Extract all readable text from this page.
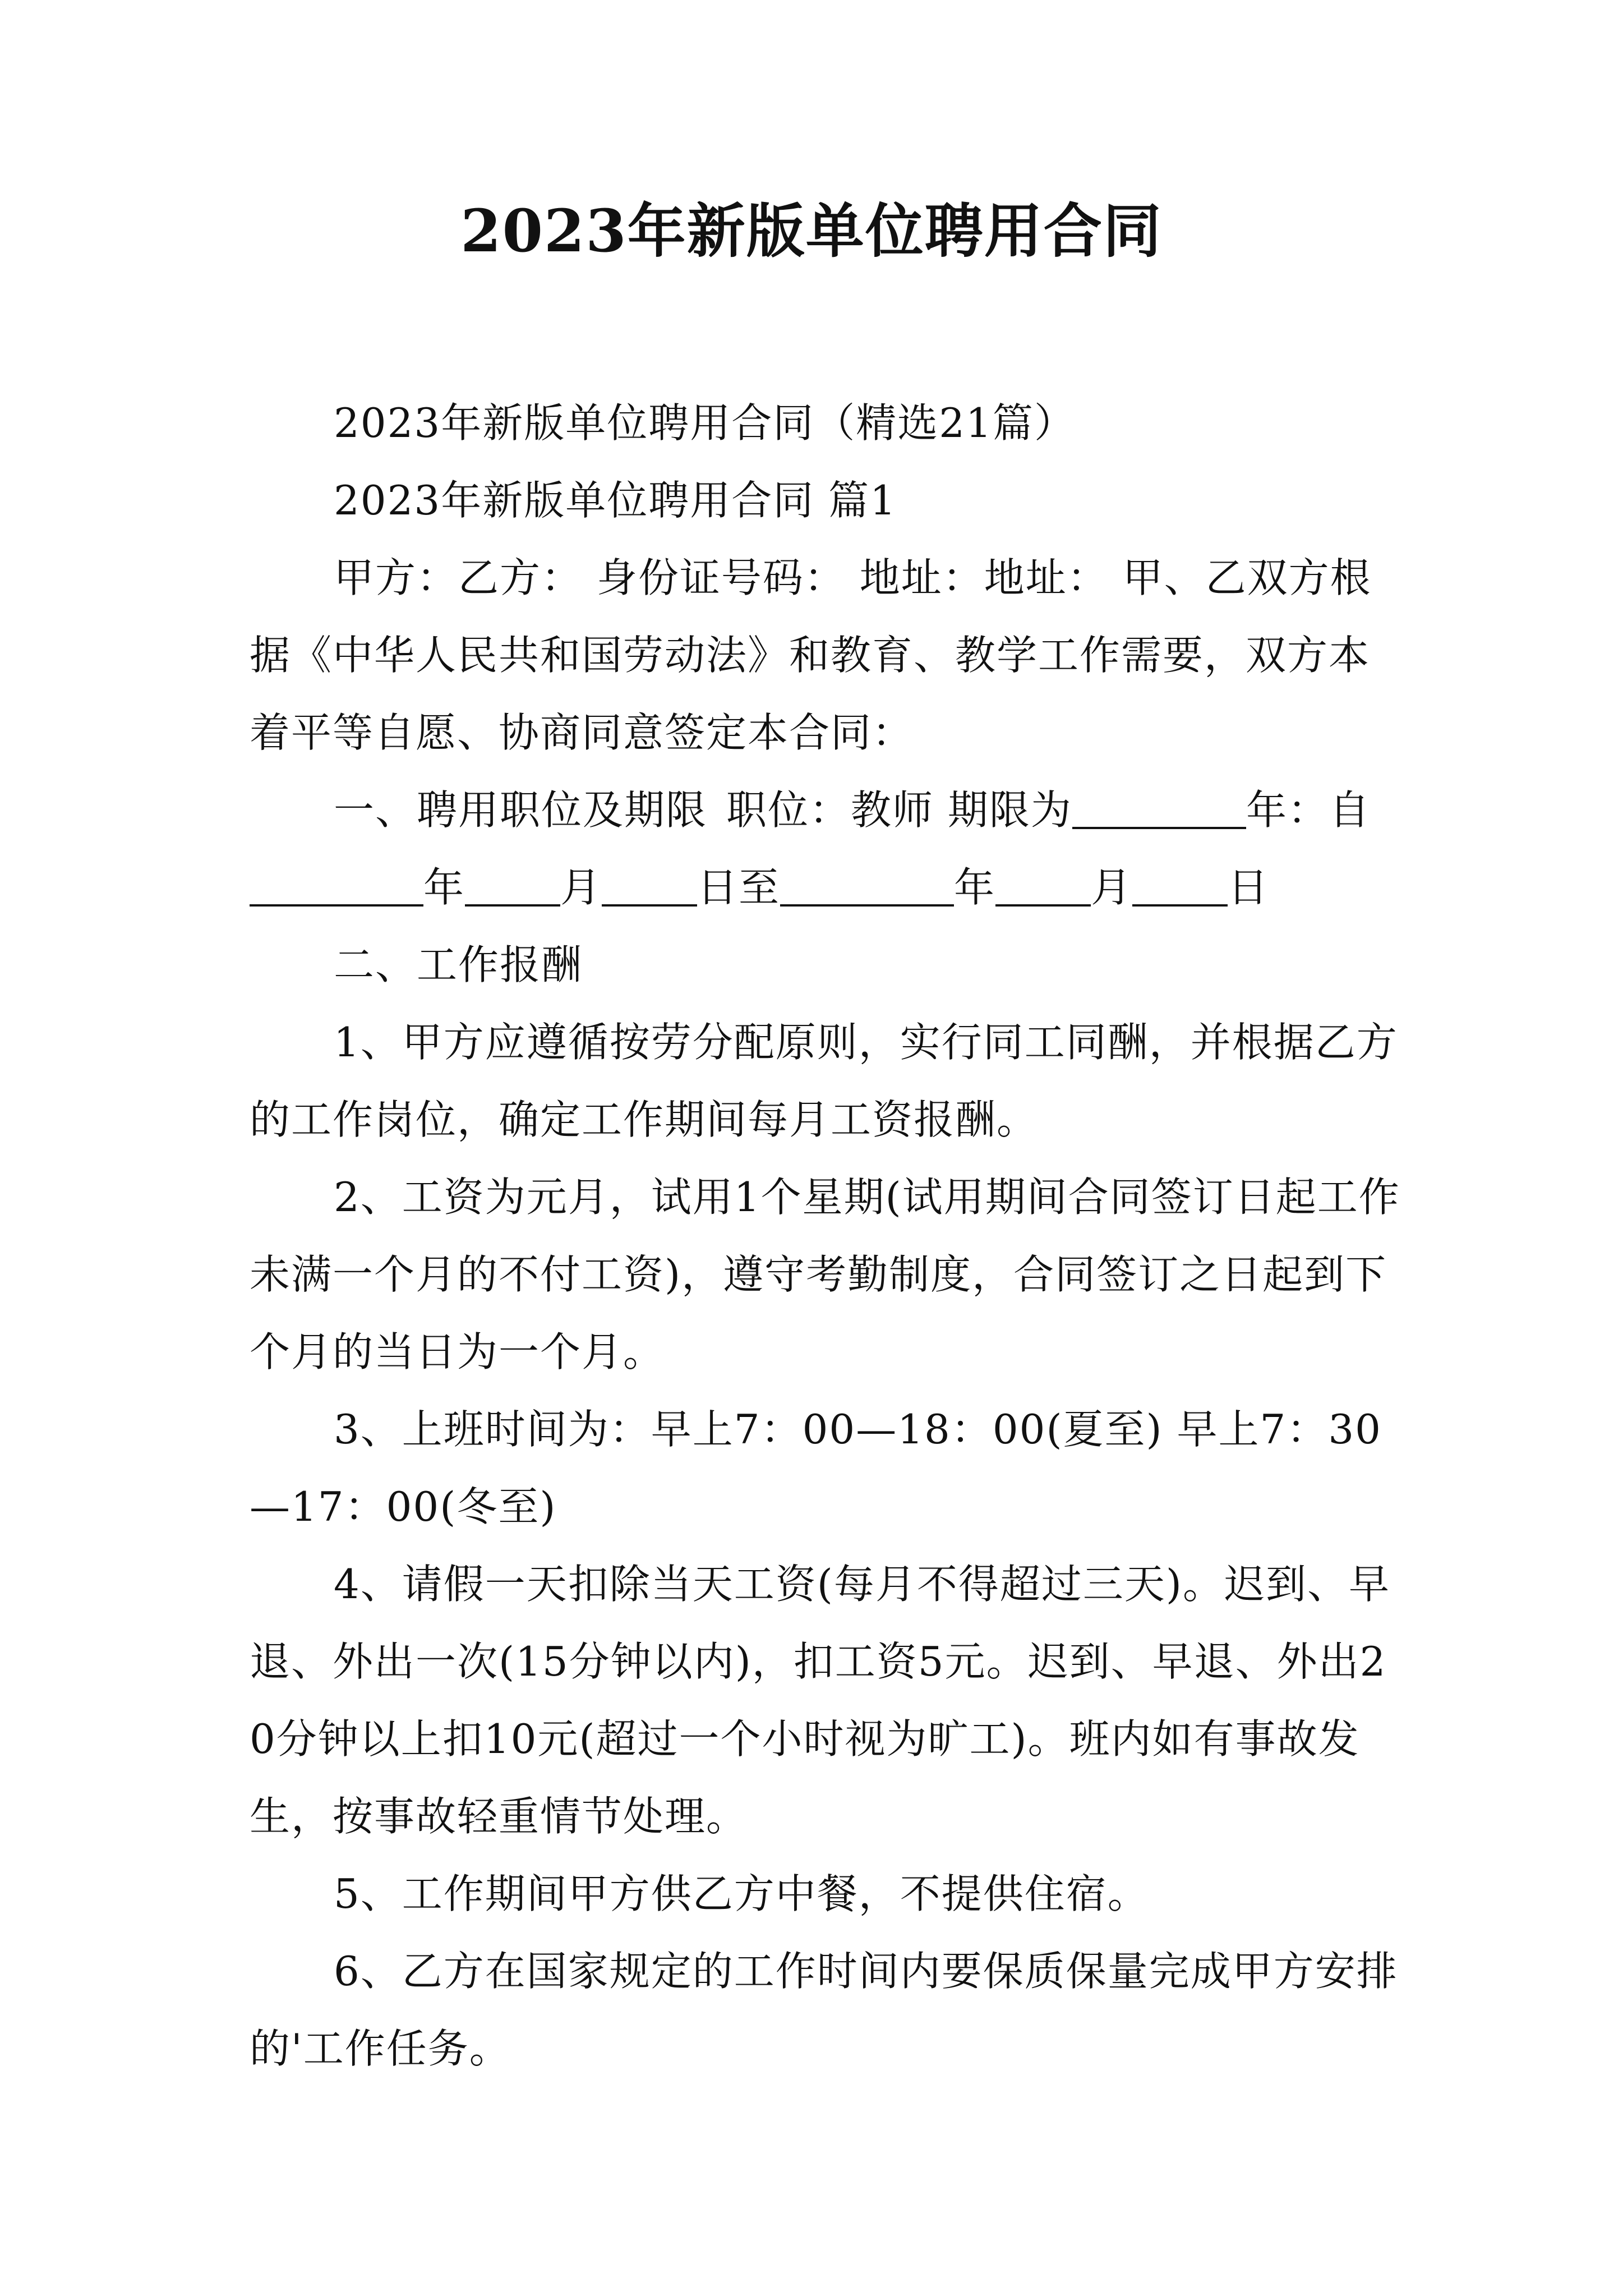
2023年新版单位聘用合同

2023年新版单位聘用合同（精选21篇）

2023年新版单位聘用合同 篇1

甲方：乙方： 身份证号码： 地址：地址： 甲、乙双方根据《中华人民共和国劳动法》和教育、教学工作需要，双方本着平等自愿、协商同意签定本合同：

一、聘用职位及期限 职位：教师 期限为	年：自年 月 日至	年 月 日

二、工作报酬

1、甲方应遵循按劳分配原则，实行同工同酬，并根据乙方的工作岗位，确定工作期间每月工资报酬。

2、工资为元月，试用1个星期(试用期间合同签订日起工作未满一个月的不付工资)，遵守考勤制度，合同签订之日起到下个月的当日为一个月。

3、上班时间为：早上7：00—18：00(夏至) 早上7：30—17：00(冬至)

4、请假一天扣除当天工资(每月不得超过三天)。迟到、早退、外出一次(15分钟以内)，扣工资5元。迟到、早退、外出20分钟以上扣10元(超过一个小时视为旷工)。班内如有事故发生，按事故轻重情节处理。

5、工作期间甲方供乙方中餐，不提供住宿。

6、乙方在国家规定的工作时间内要保质保量完成甲方安排的'工作任务。
